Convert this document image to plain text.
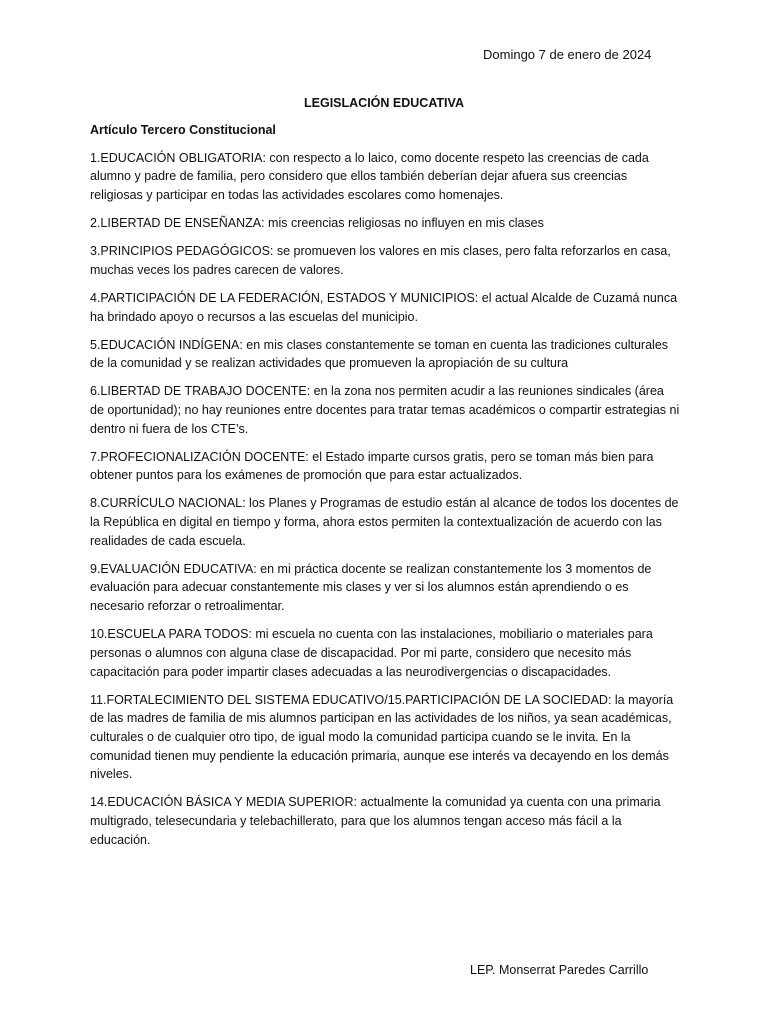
Domingo 7 de enero de 2024
LEGISLACIÓN EDUCATIVA

Artículo Tercero Constitucional

1.EDUCACIÓN OBLIGATORIA: con respecto a lo laico, como docente respeto las creencias de cada alumno y padre de familia, pero considero que ellos también deberían dejar afuera sus creencias religiosas y participar en todas las actividades escolares como homenajes.

2.LIBERTAD DE ENSEÑANZA: mis creencias religiosas no influyen en mis clases

3.PRINCIPIOS PEDAGÓGICOS: se promueven los valores en mis clases, pero falta reforzarlos en casa, muchas veces los padres carecen de valores.

4.PARTICIPACIÓN DE LA FEDERACIÓN, ESTADOS Y MUNICIPIOS: el actual Alcalde de Cuzamá nunca ha brindado apoyo o recursos a las escuelas del municipio.

5.EDUCACIÓN INDÍGENA: en mis clases constantemente se toman en cuenta las tradiciones culturales de la comunidad y se realizan actividades que promueven la apropiación de su cultura

6.LIBERTAD DE TRABAJO DOCENTE: en la zona nos permiten acudir a las reuniones sindicales (área de oportunidad); no hay reuniones entre docentes para tratar temas académicos o compartir estrategias ni dentro ni fuera de los CTE’s.

7.PROFECIONALIZACIÓN DOCENTE: el Estado imparte cursos gratis, pero se toman más bien para obtener puntos para los exámenes de promoción que para estar actualizados.

8.CURRÍCULO NACIONAL: los Planes y Programas de estudio están al alcance de todos los docentes de la República en digital en tiempo y forma, ahora estos permiten la contextualización de acuerdo con las realidades de cada escuela.

9.EVALUACIÓN EDUCATIVA: en mi práctica docente se realizan constantemente los 3 momentos de evaluación para adecuar constantemente mis clases y ver si los alumnos están aprendiendo o es necesario reforzar o retroalimentar.

10.ESCUELA PARA TODOS: mi escuela no cuenta con las instalaciones, mobiliario o materiales para personas o alumnos con alguna clase de discapacidad. Por mi parte, considero que necesito más capacitación para poder impartir clases adecuadas a las neurodivergencias o discapacidades.

11.FORTALECIMIENTO DEL SISTEMA EDUCATIVO/15.PARTICIPACIÓN DE LA SOCIEDAD: la mayoría de las madres de familia de mis alumnos participan en las actividades de los niños, ya sean académicas, culturales o de cualquier otro tipo, de igual modo la comunidad participa cuando se le invita. En la comunidad tienen muy pendiente la educación primaria, aunque ese interés va decayendo en los demás niveles.

14.EDUCACIÓN BÁSICA Y MEDIA SUPERIOR: actualmente la comunidad ya cuenta con una primaria multigrado, telesecundaria y telebachillerato, para que los alumnos tengan acceso más fácil a la educación.

LEP. Monserrat Paredes Carrillo
